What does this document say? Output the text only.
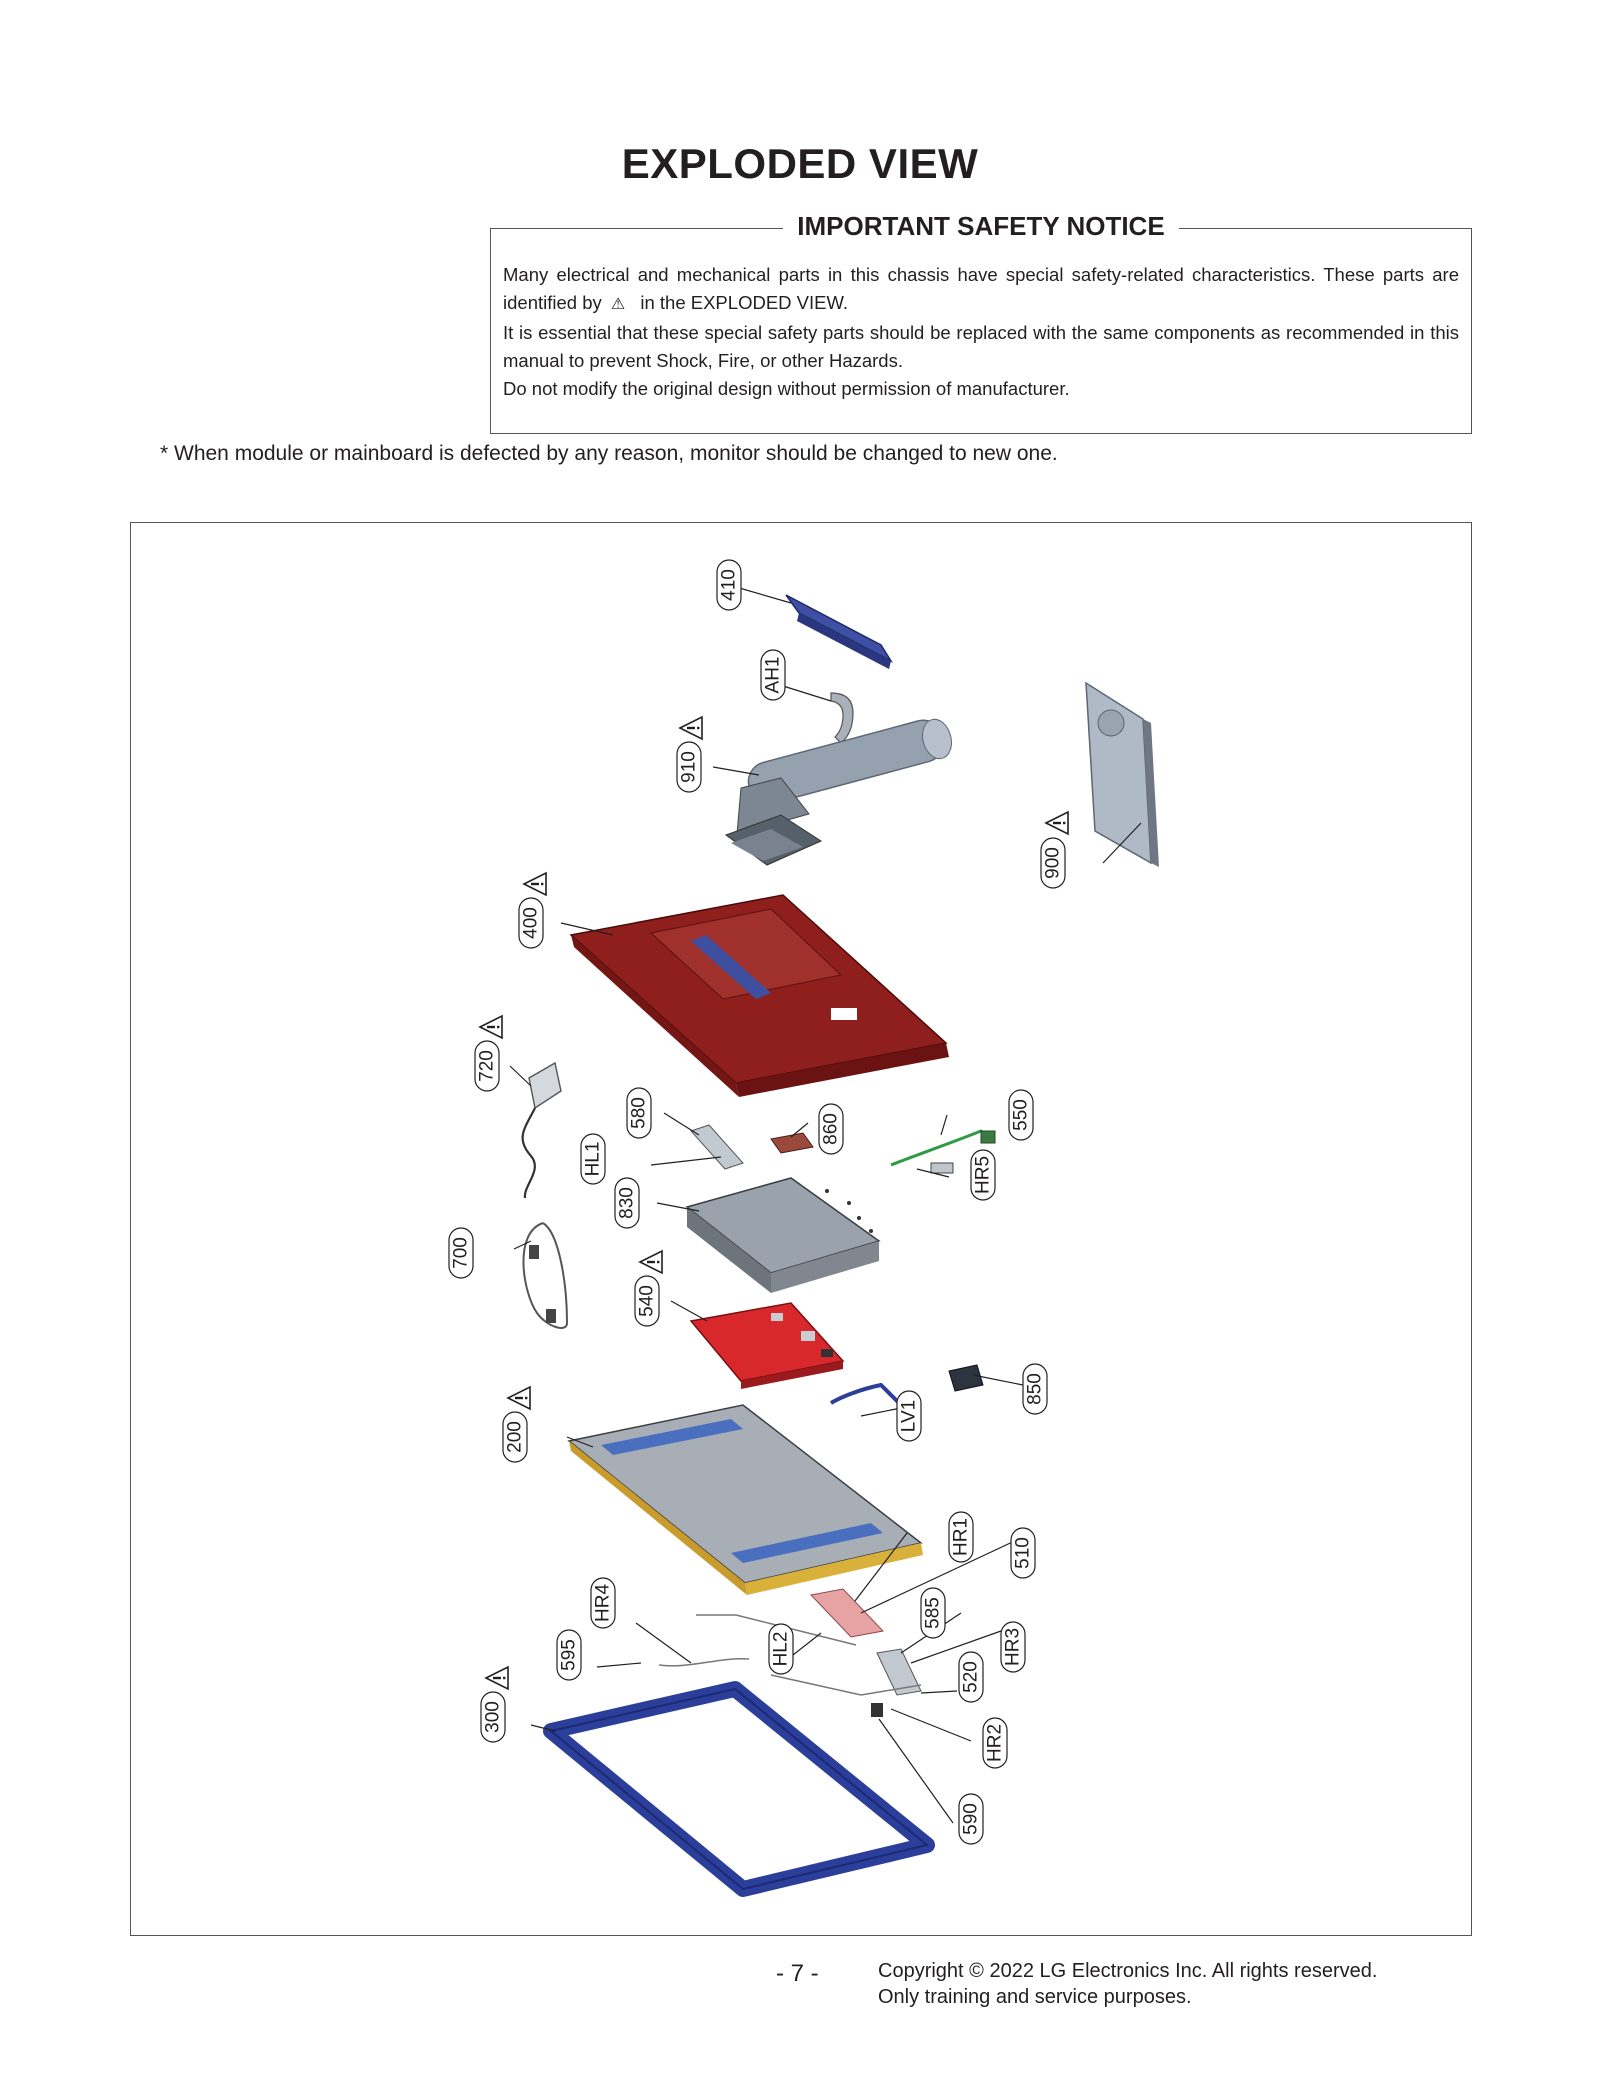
EXPLODED VIEW
IMPORTANT SAFETY NOTICE

Many electrical and mechanical parts in this chassis have special safety-related characteristics. These parts are identified by ⚠ in the EXPLODED VIEW.

It is essential that these special safety parts should be replaced with the same components as recommended in this manual to prevent Shock, Fire, or other Hazards.

Do not modify the original design without permission of manufacturer.

* When module or mainboard is defected by any reason, monitor should be changed to new one.
410
AH1
910
900
400
720
580
860	550
HL1	HR5
830
700
540
850
200
LV1
HR1 510
HR4	585
HR3
595	HL2
520
300
HR2
590
- 7 -	Copyright © 2022 LG Electronics Inc. All rights reserved.
Only training and service purposes.
